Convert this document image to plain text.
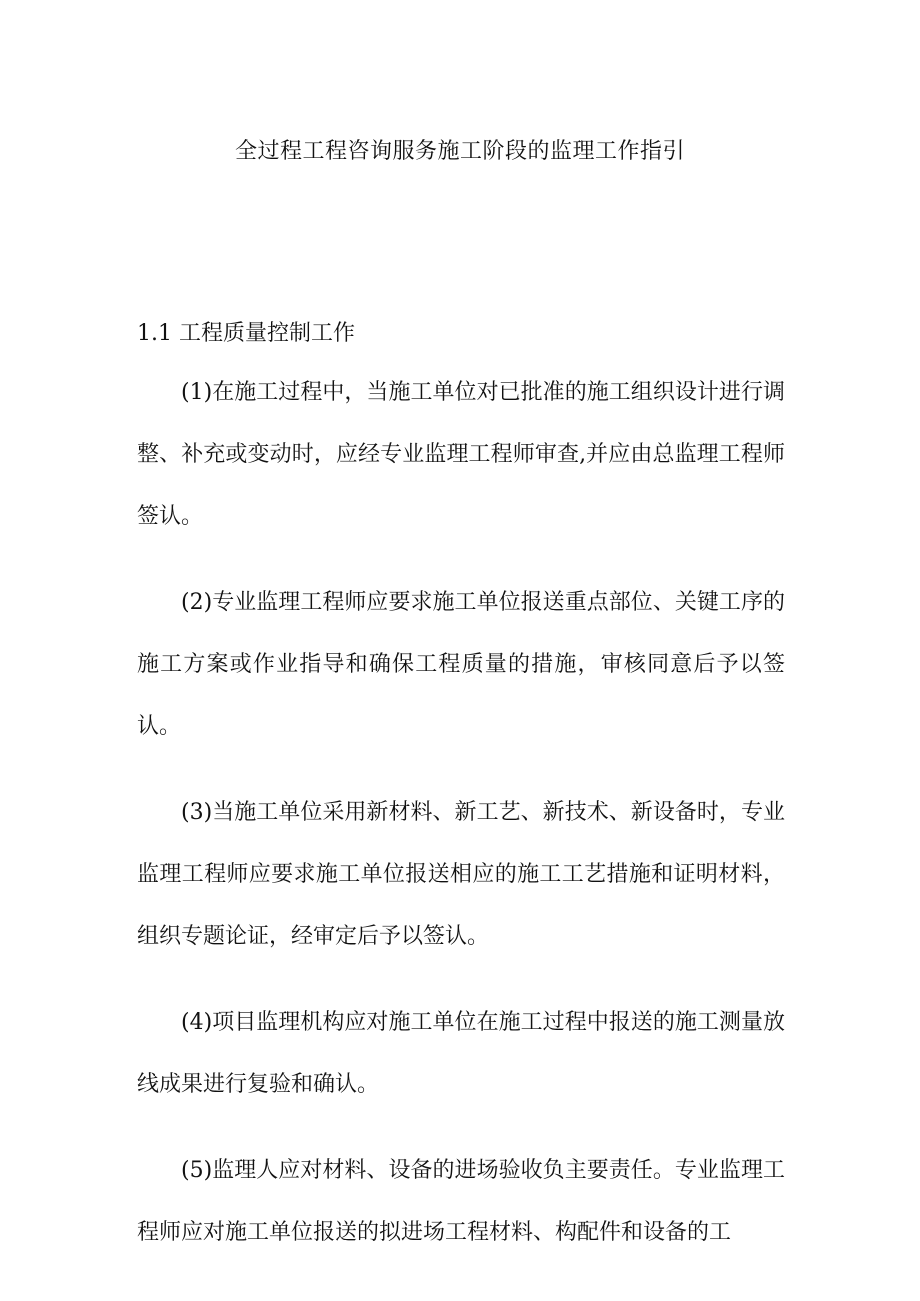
全过程工程咨询服务施工阶段的监理工作指引
1.1 工程质量控制工作

(1)在施工过程中，当施工单位对已批准的施工组织设计进行调整、补充或变动时，应经专业监理工程师审查,并应由总监理工程师签认。

(2)专业监理工程师应要求施工单位报送重点部位、关键工序的施工方案或作业指导和确保工程质量的措施，审核同意后予以签认。

(3)当施工单位采用新材料、新工艺、新技术、新设备时，专业监理工程师应要求施工单位报送相应的施工工艺措施和证明材料，组织专题论证，经审定后予以签认。

(4)项目监理机构应对施工单位在施工过程中报送的施工测量放线成果进行复验和确认。

(5)监理人应对材料、设备的进场验收负主要责任。专业监理工程师应对施工单位报送的拟进场工程材料、构配件和设备的工
